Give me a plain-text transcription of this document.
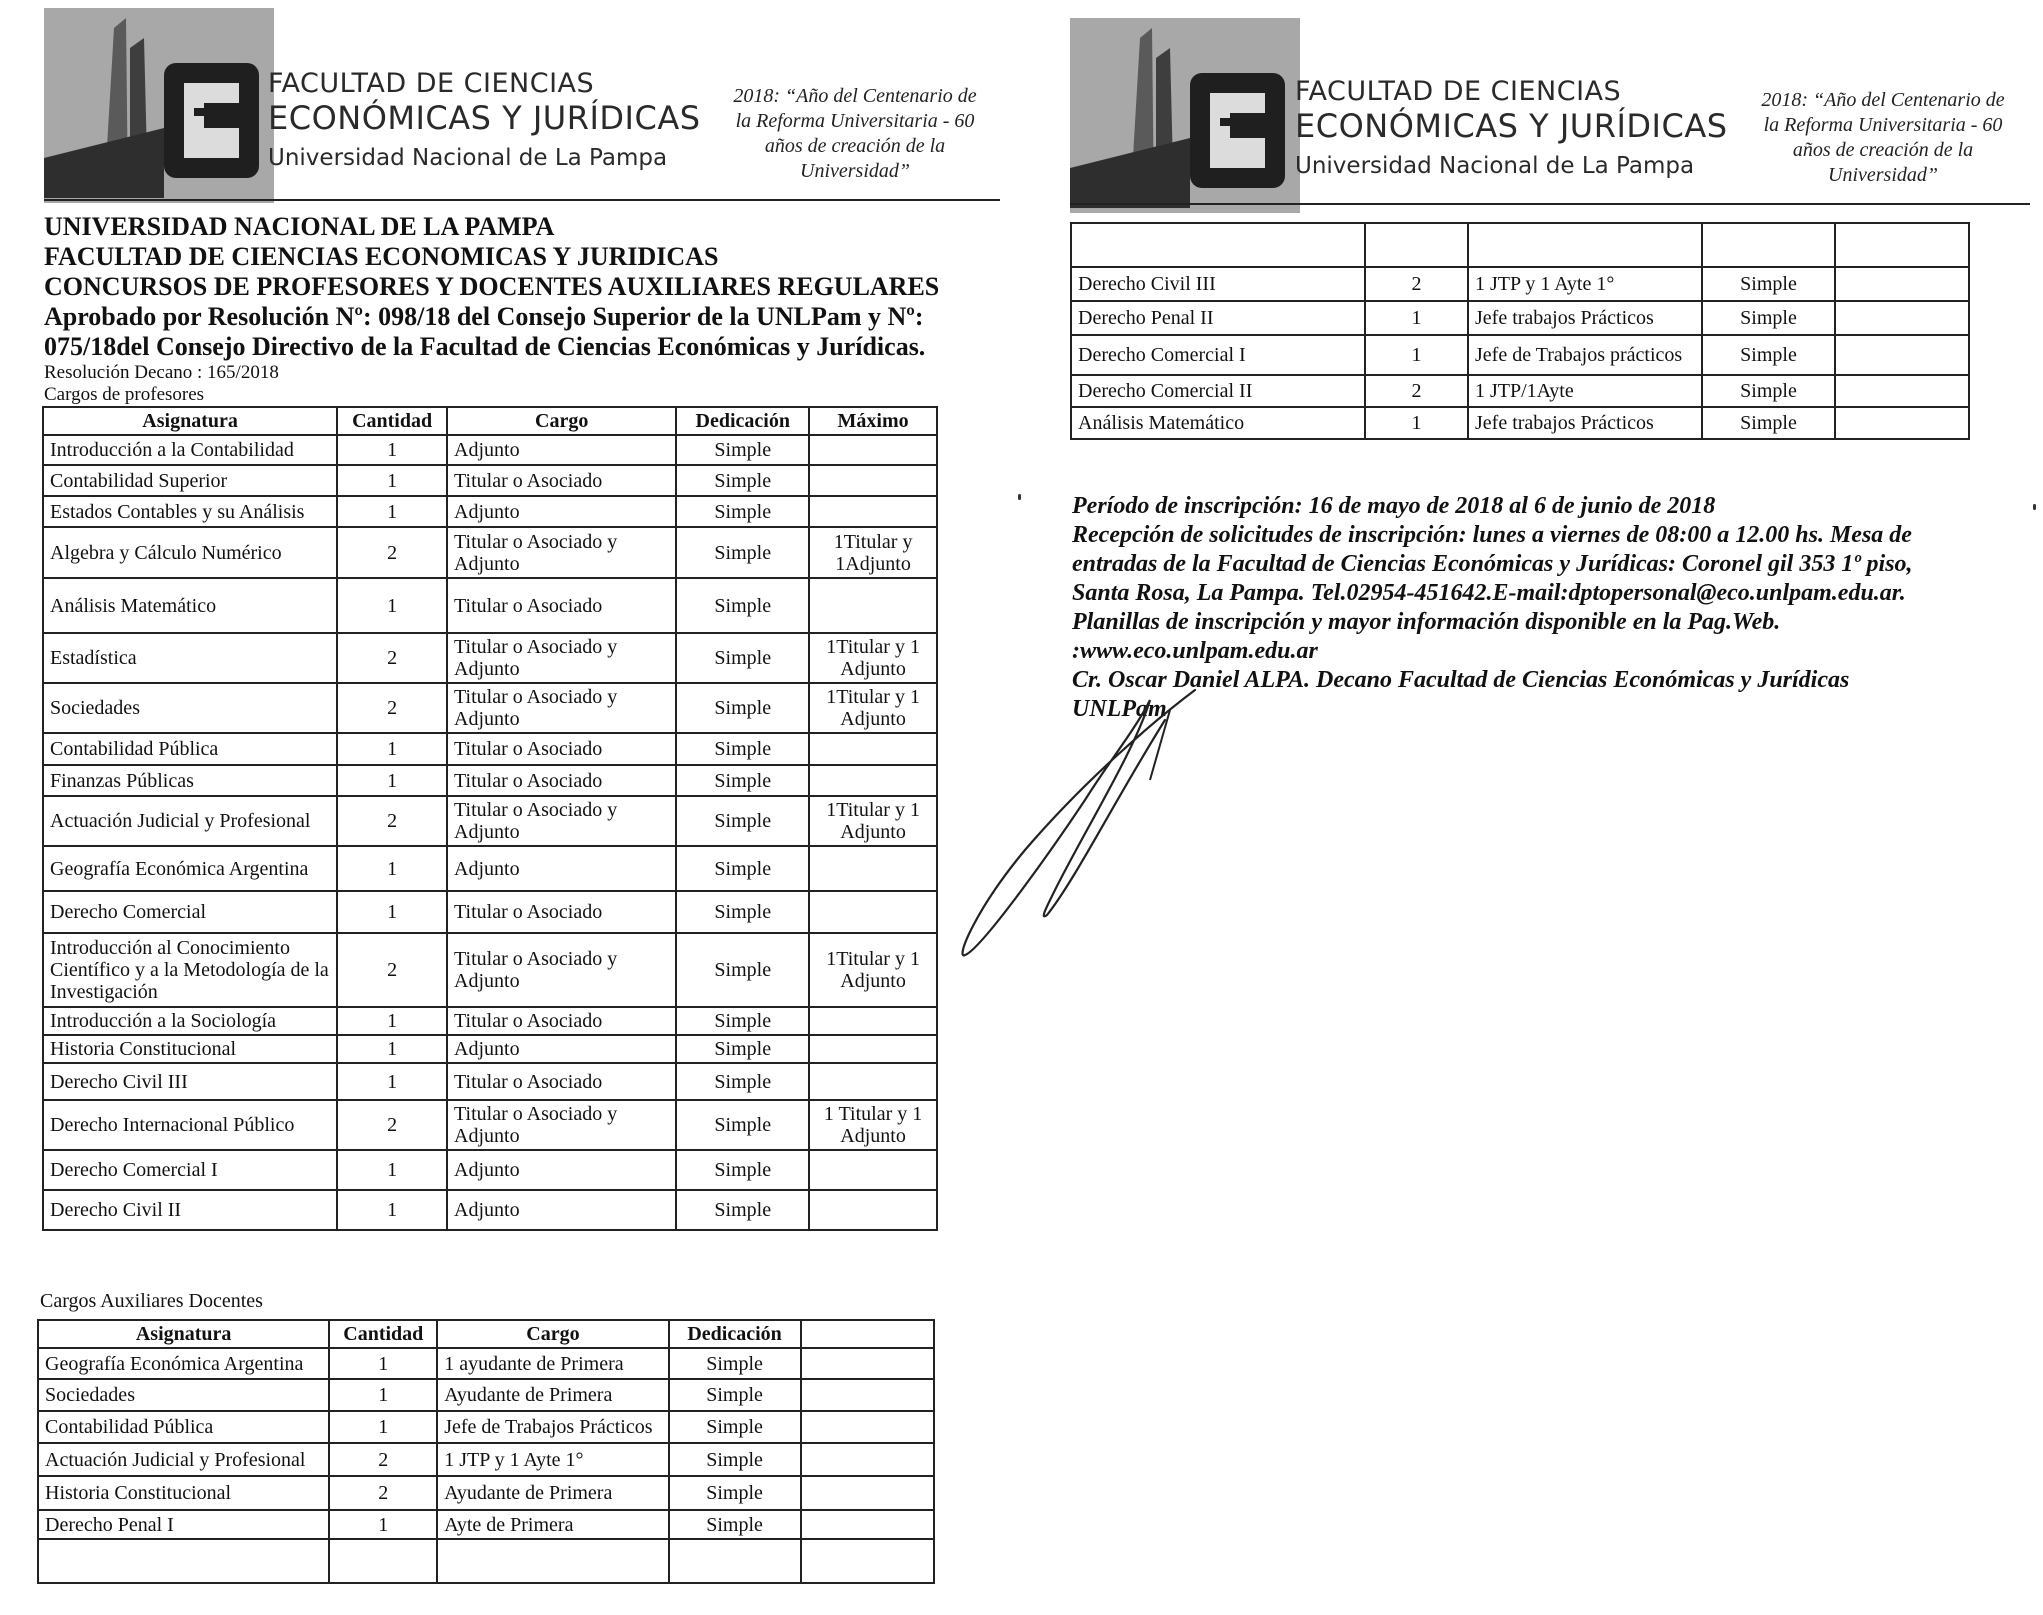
FACULTAD DE CIENCIAS
ECONÓMICAS Y JURÍDICAS
Universidad Nacional de La Pampa
2018: “Año del Centenario de
la Reforma Universitaria - 60
años de creación de la
Universidad”
UNIVERSIDAD NACIONAL DE LA PAMPA
FACULTAD DE CIENCIAS ECONOMICAS Y JURIDICAS
CONCURSOS DE PROFESORES Y DOCENTES AUXILIARES REGULARES
Aprobado por Resolución Nº: 098/18 del Consejo Superior de la UNLPam y Nº:
075/18del Consejo Directivo de la Facultad de Ciencias Económicas y Jurídicas.
Resolución Decano : 165/2018
Cargos de profesores
Asignatura	Cantidad	Cargo	Dedicación	Máximo
Introducción a la Contabilidad	1	Adjunto	Simple	
Contabilidad Superior	1	Titular o Asociado	Simple	
Estados Contables y su Análisis	1	Adjunto	Simple	
Algebra y Cálculo Numérico	2	Titular o Asociado y Adjunto	Simple	1Titular y 1Adjunto
Análisis Matemático	1	Titular o Asociado	Simple	
Estadística	2	Titular o Asociado y Adjunto	Simple	1Titular y 1 Adjunto
Sociedades	2	Titular o Asociado y Adjunto	Simple	1Titular y 1 Adjunto
Contabilidad Pública	1	Titular o Asociado	Simple	
Finanzas Públicas	1	Titular o Asociado	Simple	
Actuación Judicial y Profesional	2	Titular o Asociado y Adjunto	Simple	1Titular y 1 Adjunto
Geografía Económica Argentina	1	Adjunto	Simple	
Derecho Comercial	1	Titular o Asociado	Simple	
Introducción al Conocimiento Científico y a la Metodología de la Investigación	2	Titular o Asociado y Adjunto	Simple	1Titular y 1 Adjunto
Introducción a la Sociología	1	Titular o Asociado	Simple	
Historia Constitucional	1	Adjunto	Simple	
Derecho Civil III	1	Titular o Asociado	Simple	
Derecho Internacional Público	2	Titular o Asociado y Adjunto	Simple	1 Titular y 1 Adjunto
Derecho Comercial I	1	Adjunto	Simple	
Derecho Civil II	1	Adjunto	Simple	
Cargos Auxiliares Docentes
Asignatura	Cantidad	Cargo	Dedicación	
Geografía Económica Argentina	1	1 ayudante de Primera	Simple	
Sociedades	1	Ayudante de Primera	Simple	
Contabilidad Pública	1	Jefe de Trabajos Prácticos	Simple	
Actuación Judicial y Profesional	2	1 JTP y 1 Ayte 1°	Simple	
Historia Constitucional	2	Ayudante de Primera	Simple	
Derecho Penal I	1	Ayte de Primera	Simple	

FACULTAD DE CIENCIAS
ECONÓMICAS Y JURÍDICAS
Universidad Nacional de La Pampa
2018: “Año del Centenario de
la Reforma Universitaria - 60
años de creación de la
Universidad”

Derecho Civil III	2	1 JTP y 1 Ayte 1°	Simple	
Derecho Penal II	1	Jefe trabajos Prácticos	Simple	
Derecho Comercial I	1	Jefe de Trabajos prácticos	Simple	
Derecho Comercial II	2	1 JTP/1Ayte	Simple	
Análisis Matemático	1	Jefe trabajos Prácticos	Simple	
Período de inscripción: 16 de mayo de 2018 al 6 de junio de 2018
Recepción de solicitudes de inscripción: lunes a viernes de 08:00 a 12.00 hs. Mesa de
entradas de la Facultad de Ciencias Económicas y Jurídicas: Coronel gil 353 1º piso,
Santa Rosa, La Pampa. Tel.02954-451642.E-mail:dptopersonal@eco.unlpam.edu.ar.
Planillas de inscripción y mayor información disponible en la Pag.Web.
:www.eco.unlpam.edu.ar
Cr. Oscar Daniel ALPA. Decano Facultad de Ciencias Económicas y Jurídicas
UNLPam
